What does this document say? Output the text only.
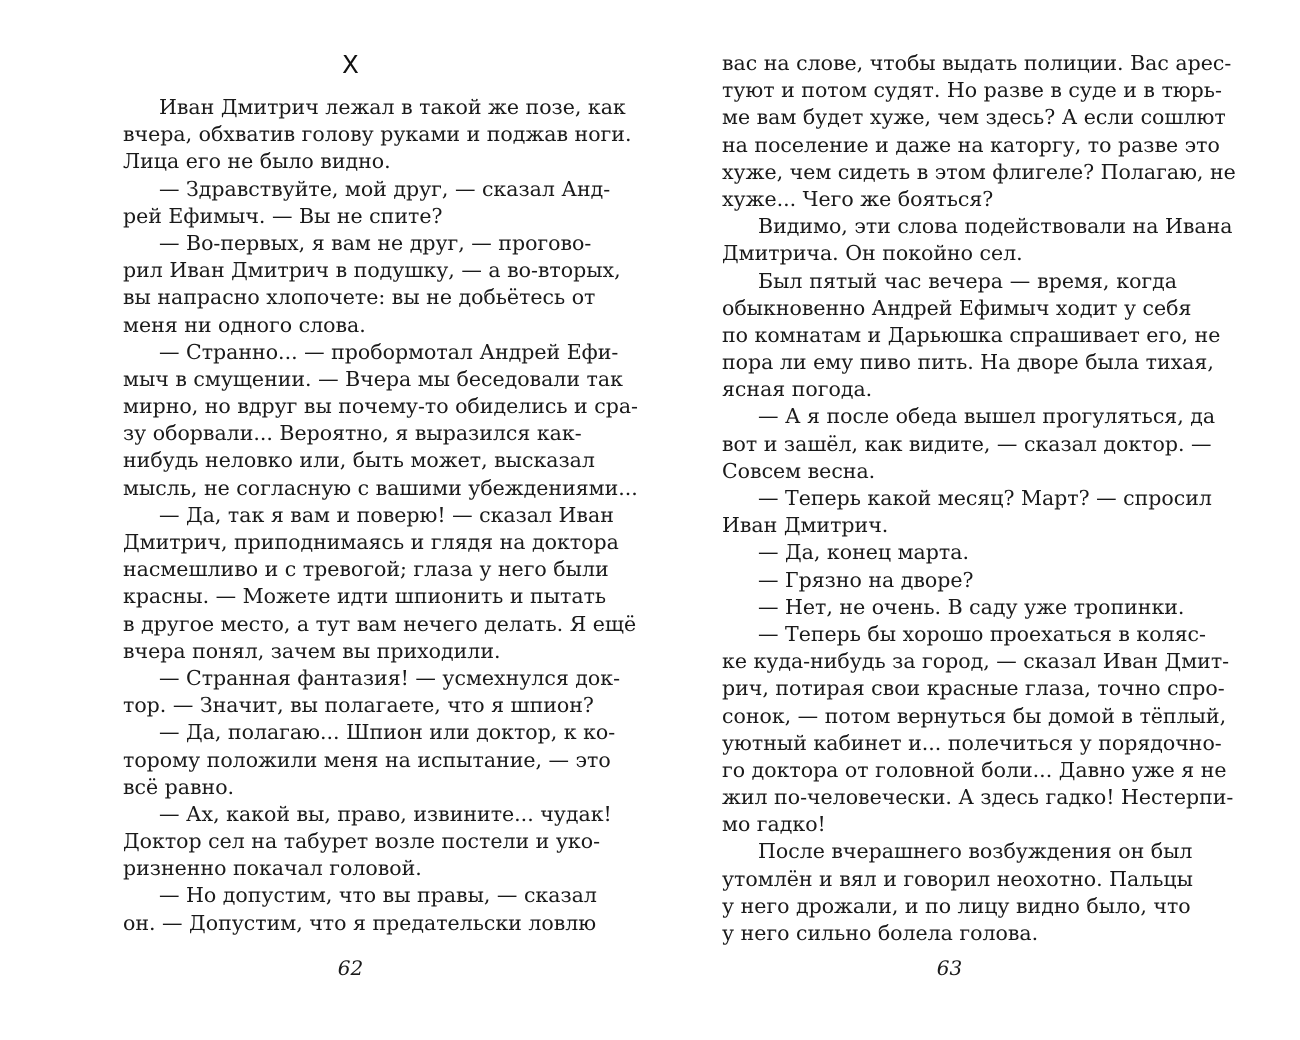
X
Иван Дмитрич лежал в такой же позе, как
вчера, обхватив голову руками и поджав ноги.
Лица его не было видно.
— Здравствуйте, мой друг, — сказал Анд-
рей Ефимыч. — Вы не спите?
— Во-первых, я вам не друг, — прогово-
рил Иван Дмитрич в подушку, — а во-вторых,
вы напрасно хлопочете: вы не добьётесь от
меня ни одного слова.
— Странно... — пробормотал Андрей Ефи-
мыч в смущении. — Вчера мы беседовали так
мирно, но вдруг вы почему-то обиделись и сра-
зу оборвали... Вероятно, я выразился как-
нибудь неловко или, быть может, высказал
мысль, не согласную с вашими убеждениями...
— Да, так я вам и поверю! — сказал Иван
Дмитрич, приподнимаясь и глядя на доктора
насмешливо и с тревогой; глаза у него были
красны. — Можете идти шпионить и пытать
в другое место, а тут вам нечего делать. Я ещё
вчера понял, зачем вы приходили.
— Странная фантазия! — усмехнулся док-
тор. — Значит, вы полагаете, что я шпион?
— Да, полагаю... Шпион или доктор, к ко-
торому положили меня на испытание, — это
всё равно.
— Ах, какой вы, право, извините... чудак!
Доктор сел на табурет возле постели и уко-
ризненно покачал головой.
— Но допустим, что вы правы, — сказал
он. — Допустим, что я предательски ловлю
62
вас на слове, чтобы выдать полиции. Вас арес-
туют и потом судят. Но разве в суде и в тюрь-
ме вам будет хуже, чем здесь? А если сошлют
на поселение и даже на каторгу, то разве это
хуже, чем сидеть в этом флигеле? Полагаю, не
хуже... Чего же бояться?
Видимо, эти слова подействовали на Ивана
Дмитрича. Он покойно сел.
Был пятый час вечера — время, когда
обыкновенно Андрей Ефимыч ходит у себя
по комнатам и Дарьюшка спрашивает его, не
пора ли ему пиво пить. На дворе была тихая,
ясная погода.
— А я после обеда вышел прогуляться, да
вот и зашёл, как видите, — сказал доктор. —
Совсем весна.
— Теперь какой месяц? Март? — спросил
Иван Дмитрич.
— Да, конец марта.
— Грязно на дворе?
— Нет, не очень. В саду уже тропинки.
— Теперь бы хорошо проехаться в коляс-
ке куда-нибудь за город, — сказал Иван Дмит-
рич, потирая свои красные глаза, точно спро-
сонок, — потом вернуться бы домой в тёплый,
уютный кабинет и... полечиться у порядочно-
го доктора от головной боли... Давно уже я не
жил по-человечески. А здесь гадко! Нестерпи-
мо гадко!
После вчерашнего возбуждения он был
утомлён и вял и говорил неохотно. Пальцы
у него дрожали, и по лицу видно было, что
у него сильно болела голова.
63
